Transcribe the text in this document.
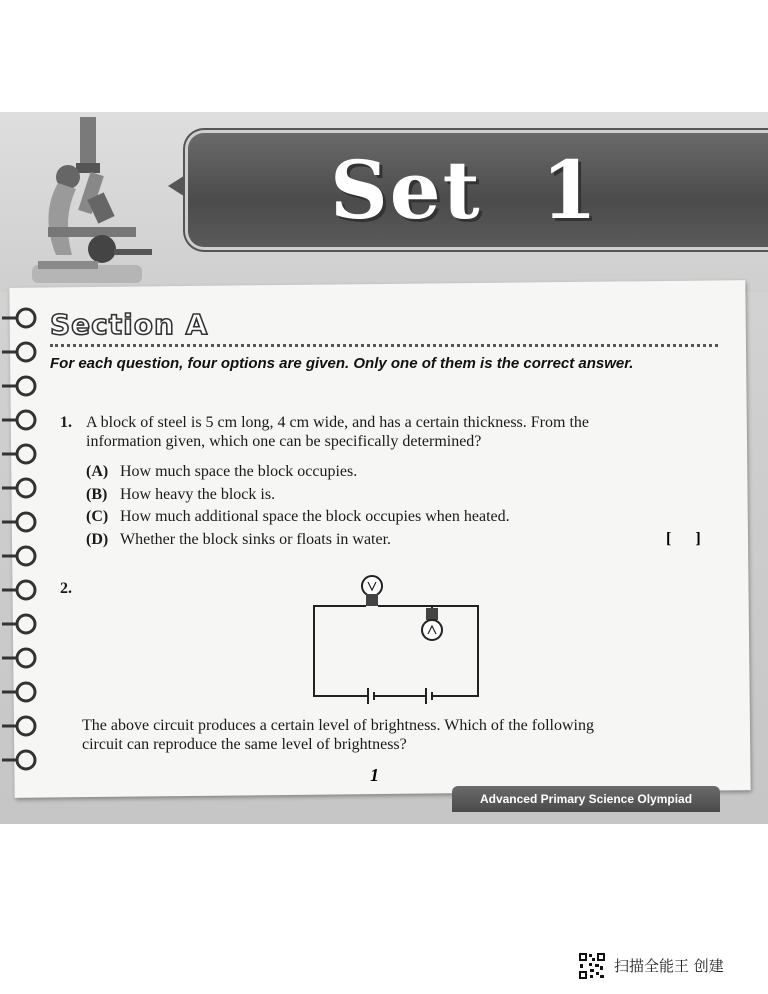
Set  1
Section A
For each question, four options are given. Only one of them is the correct answer.
1. A block of steel is 5 cm long, 4 cm wide, and has a certain thickness. From the
information given, which one can be specifically determined?
(A) How much space the block occupies.
(B) How heavy the block is.
(C) How much additional space the block occupies when heated.
(D) Whether the block sinks or floats in water.	[      ]
2.
The above circuit produces a certain level of brightness. Which of the following
circuit can reproduce the same level of brightness?
1
Advanced Primary Science Olympiad
扫描全能王 创建
